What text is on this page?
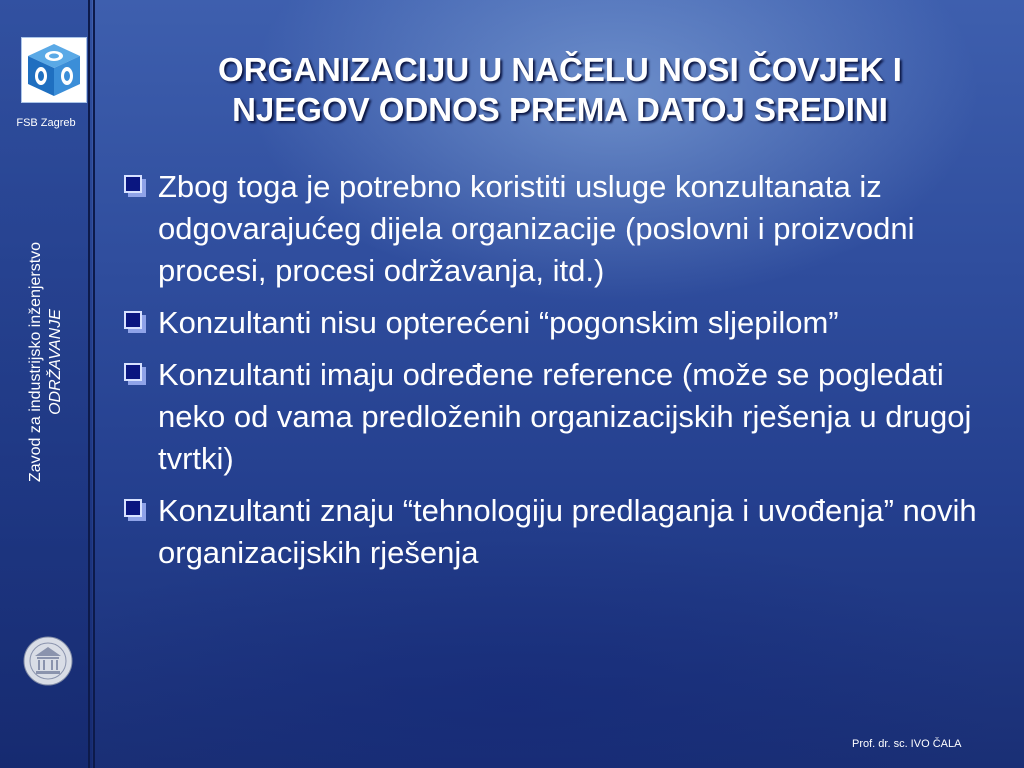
FSB Zagreb
Zavod za industrijsko inženjerstvo ODRŽAVANJE
ORGANIZACIJU U NAČELU NOSI ČOVJEK I
NJEGOV ODNOS PREMA DATOJ SREDINI
Zbog toga je potrebno koristiti usluge konzultanata iz odgovarajućeg dijela organizacije (poslovni i proizvodni procesi, procesi održavanja, itd.)
Konzultanti nisu opterećeni “pogonskim sljepilom”
Konzultanti imaju određene reference (može se pogledati neko od vama predloženih organizacijskih rješenja u drugoj tvrtki)
Konzultanti znaju “tehnologiju predlaganja i uvođenja” novih organizacijskih rješenja
Prof. dr. sc. IVO ČALA
